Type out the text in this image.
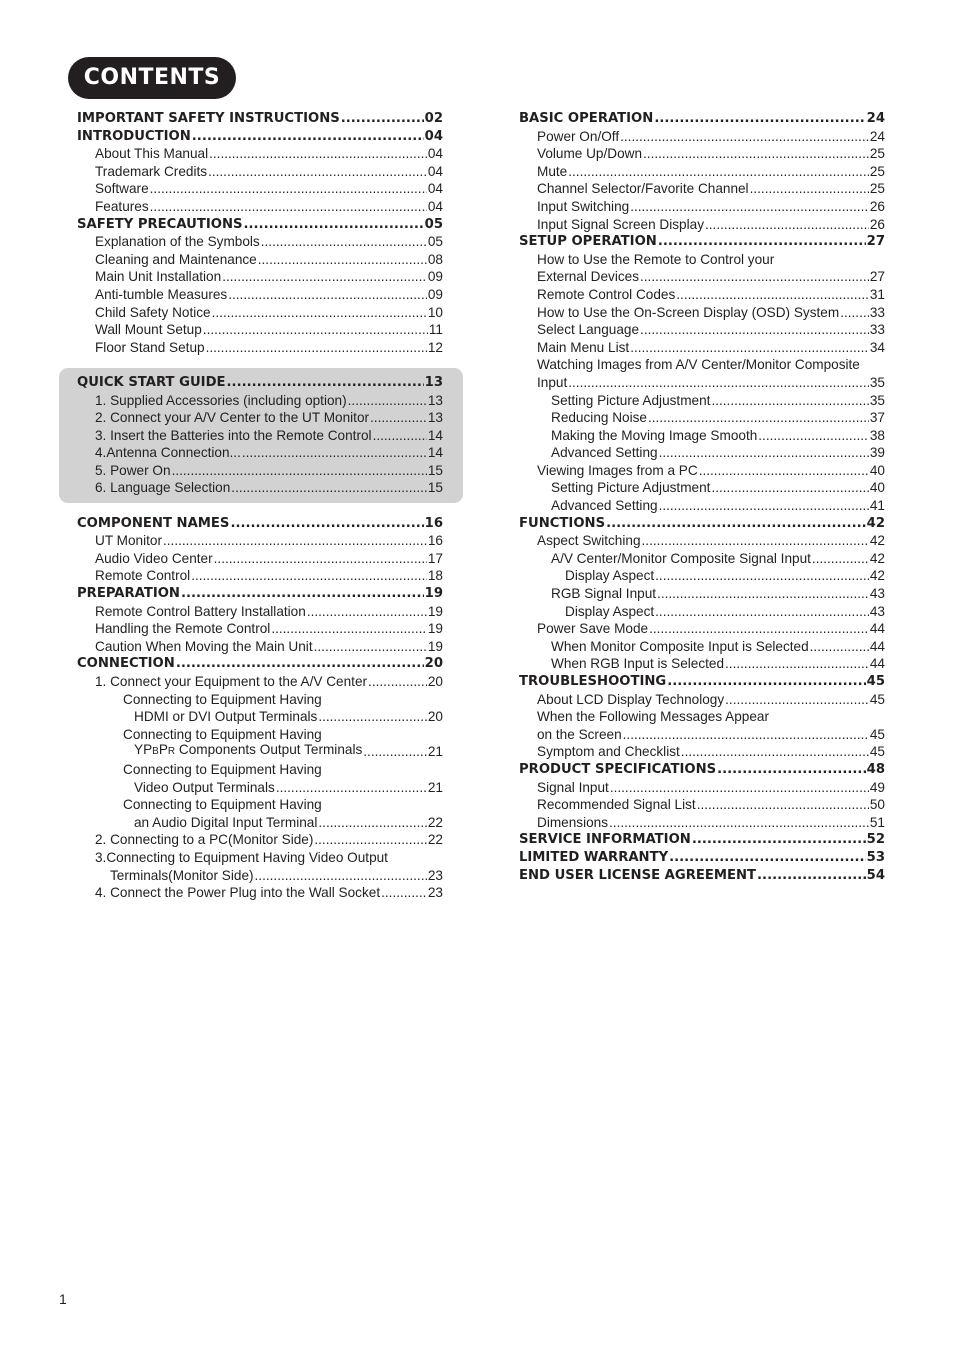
CONTENTS
IMPORTANT SAFETY INSTRUCTIONS .....	02
INTRODUCTION .....	04
About This Manual .....	04
Trademark Credits .....	04
Software .....	04
Features .....	04
SAFETY PRECAUTIONS .....	05
Explanation of the Symbols .....	05
Cleaning and Maintenance .....	08
Main Unit Installation .....	09
Anti-tumble Measures .....	09
Child Safety Notice .....	10
Wall Mount Setup .....	11
Floor Stand Setup .....	12
QUICK START GUIDE .....	13
1. Supplied Accessories (including option) .....	13
2. Connect your A/V Center to the UT Monitor .....	13
3. Insert the Batteries into the Remote Control .....	14
4.Antenna Connection... .....	14
5. Power On .....	15
6. Language Selection .....	15
COMPONENT NAMES .....	16
UT Monitor .....	16
Audio Video Center .....	17
Remote Control .....	18
PREPARATION .....	19
Remote Control Battery Installation .....	19
Handling the Remote Control .....	19
Caution When Moving the Main Unit .....	19
CONNECTION .....	20
1. Connect your Equipment to the A/V Center .....	20
Connecting to Equipment Having
HDMI or DVI Output Terminals .....	20
Connecting to Equipment Having
YPBPR Components Output Terminals .....	21
Connecting to Equipment Having
Video Output Terminals .....	21
Connecting to Equipment Having
an Audio Digital Input Terminal .....	22
2. Connecting to a PC(Monitor Side) .....	22
3.Connecting to Equipment Having Video Output
Terminals(Monitor Side) .....	23
4. Connect the Power Plug into the Wall Socket .....	23
BASIC OPERATION .....	24
Power On/Off .....	24
Volume Up/Down .....	25
Mute .....	25
Channel Selector/Favorite Channel .....	25
Input Switching .....	26
Input Signal Screen Display .....	26
SETUP OPERATION .....	27
How to Use the Remote to Control your
External Devices .....	27
Remote Control Codes .....	31
How to Use the On-Screen Display (OSD) System ..... 33
Select Language .....	33
Main Menu List .....	34
Watching Images from A/V Center/Monitor Composite
Input .....	35
Setting Picture Adjustment .....	35
Reducing Noise .....	37
Making the Moving Image Smooth .....	38
Advanced Setting .....	39
Viewing Images from a PC .....	40
Setting Picture Adjustment .....	40
Advanced Setting .....	41
FUNCTIONS .....	42
Aspect Switching .....	42
A/V Center/Monitor Composite Signal Input .....	42
Display Aspect .....	42
RGB Signal Input .....	43
Display Aspect .....	43
Power Save Mode .....	44
When Monitor Composite Input is Selected .....	44
When RGB Input is Selected .....	44
TROUBLESHOOTING .....	45
About LCD Display Technology .....	45
When the Following Messages Appear
on the Screen .....	45
Symptom and Checklist .....	45
PRODUCT SPECIFICATIONS .....	48
Signal Input .....	49
Recommended Signal List .....	50
Dimensions .....	51
SERVICE INFORMATION .....	52
LIMITED WARRANTY .....	53
END USER LICENSE AGREEMENT .....	54
1
